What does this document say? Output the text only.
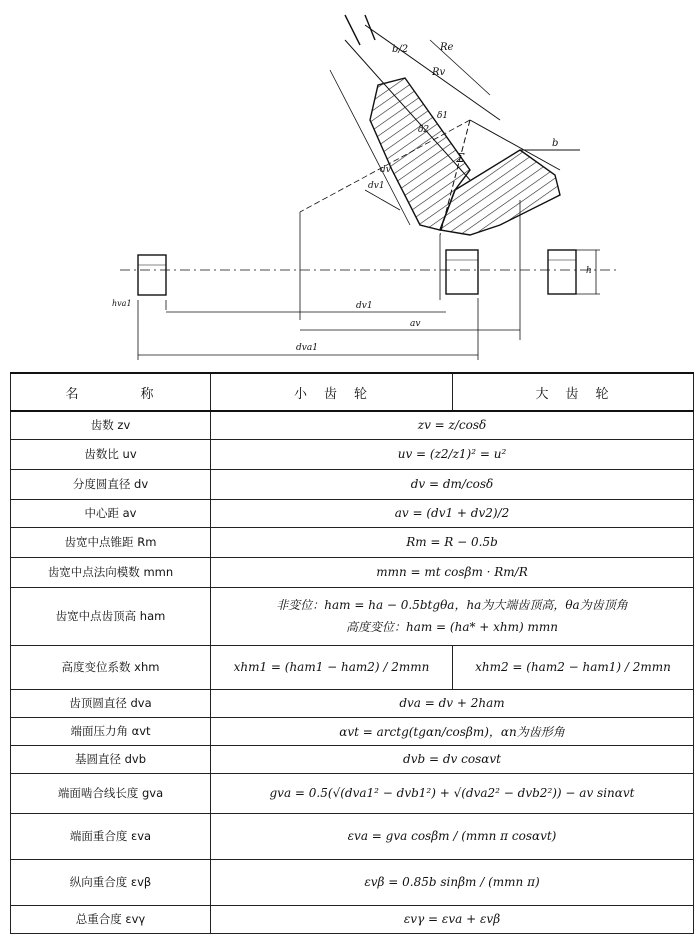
b/2	Re
Rv
b
δ1
δ2
Σ
dv1
dv
h
hva1	dv1
av
dva1
名　　　　称	小　齿　轮	大　齿　轮
齿数 zv	zv = z/cosδ	
齿数比 uv	uv = (z2/z1)² = u²	
分度圆直径 dv	dv = dm/cosδ	
中心距 av	av = (dv1 + dv2)/2	
齿宽中点锥距 Rm	Rm = R − 0.5b	
齿宽中点法向模数 mmn	mmn = mt cosβm · Rm/R	
齿宽中点齿顶高 ham	非变位：ham = ha − 0.5btgθa，ha为大端齿顶高，θa为齿顶角
高度变位：ham = (ha* + xhm) mmn	

高度变位系数 xhm	xhm1 = (ham1 − ham2) / 2mmn	xhm2 = (ham2 − ham1) / 2mmn
齿顶圆直径 dva	dva = dv + 2ham	
端面压力角 αvt	αvt = arctg(tgαn/cosβm)，αn为齿形角	
基圆直径 dvb	dvb = dv cosαvt	
端面啮合线长度 gva	gva = 0.5(√(dva1² − dvb1²) + √(dva2² − dvb2²)) − av sinαvt	
端面重合度 εva	εva = gva cosβm / (mmn π cosαvt)	
纵向重合度 εvβ	εvβ = 0.85b sinβm / (mmn π)	
总重合度 εvγ	εvγ = εva + εvβ	
